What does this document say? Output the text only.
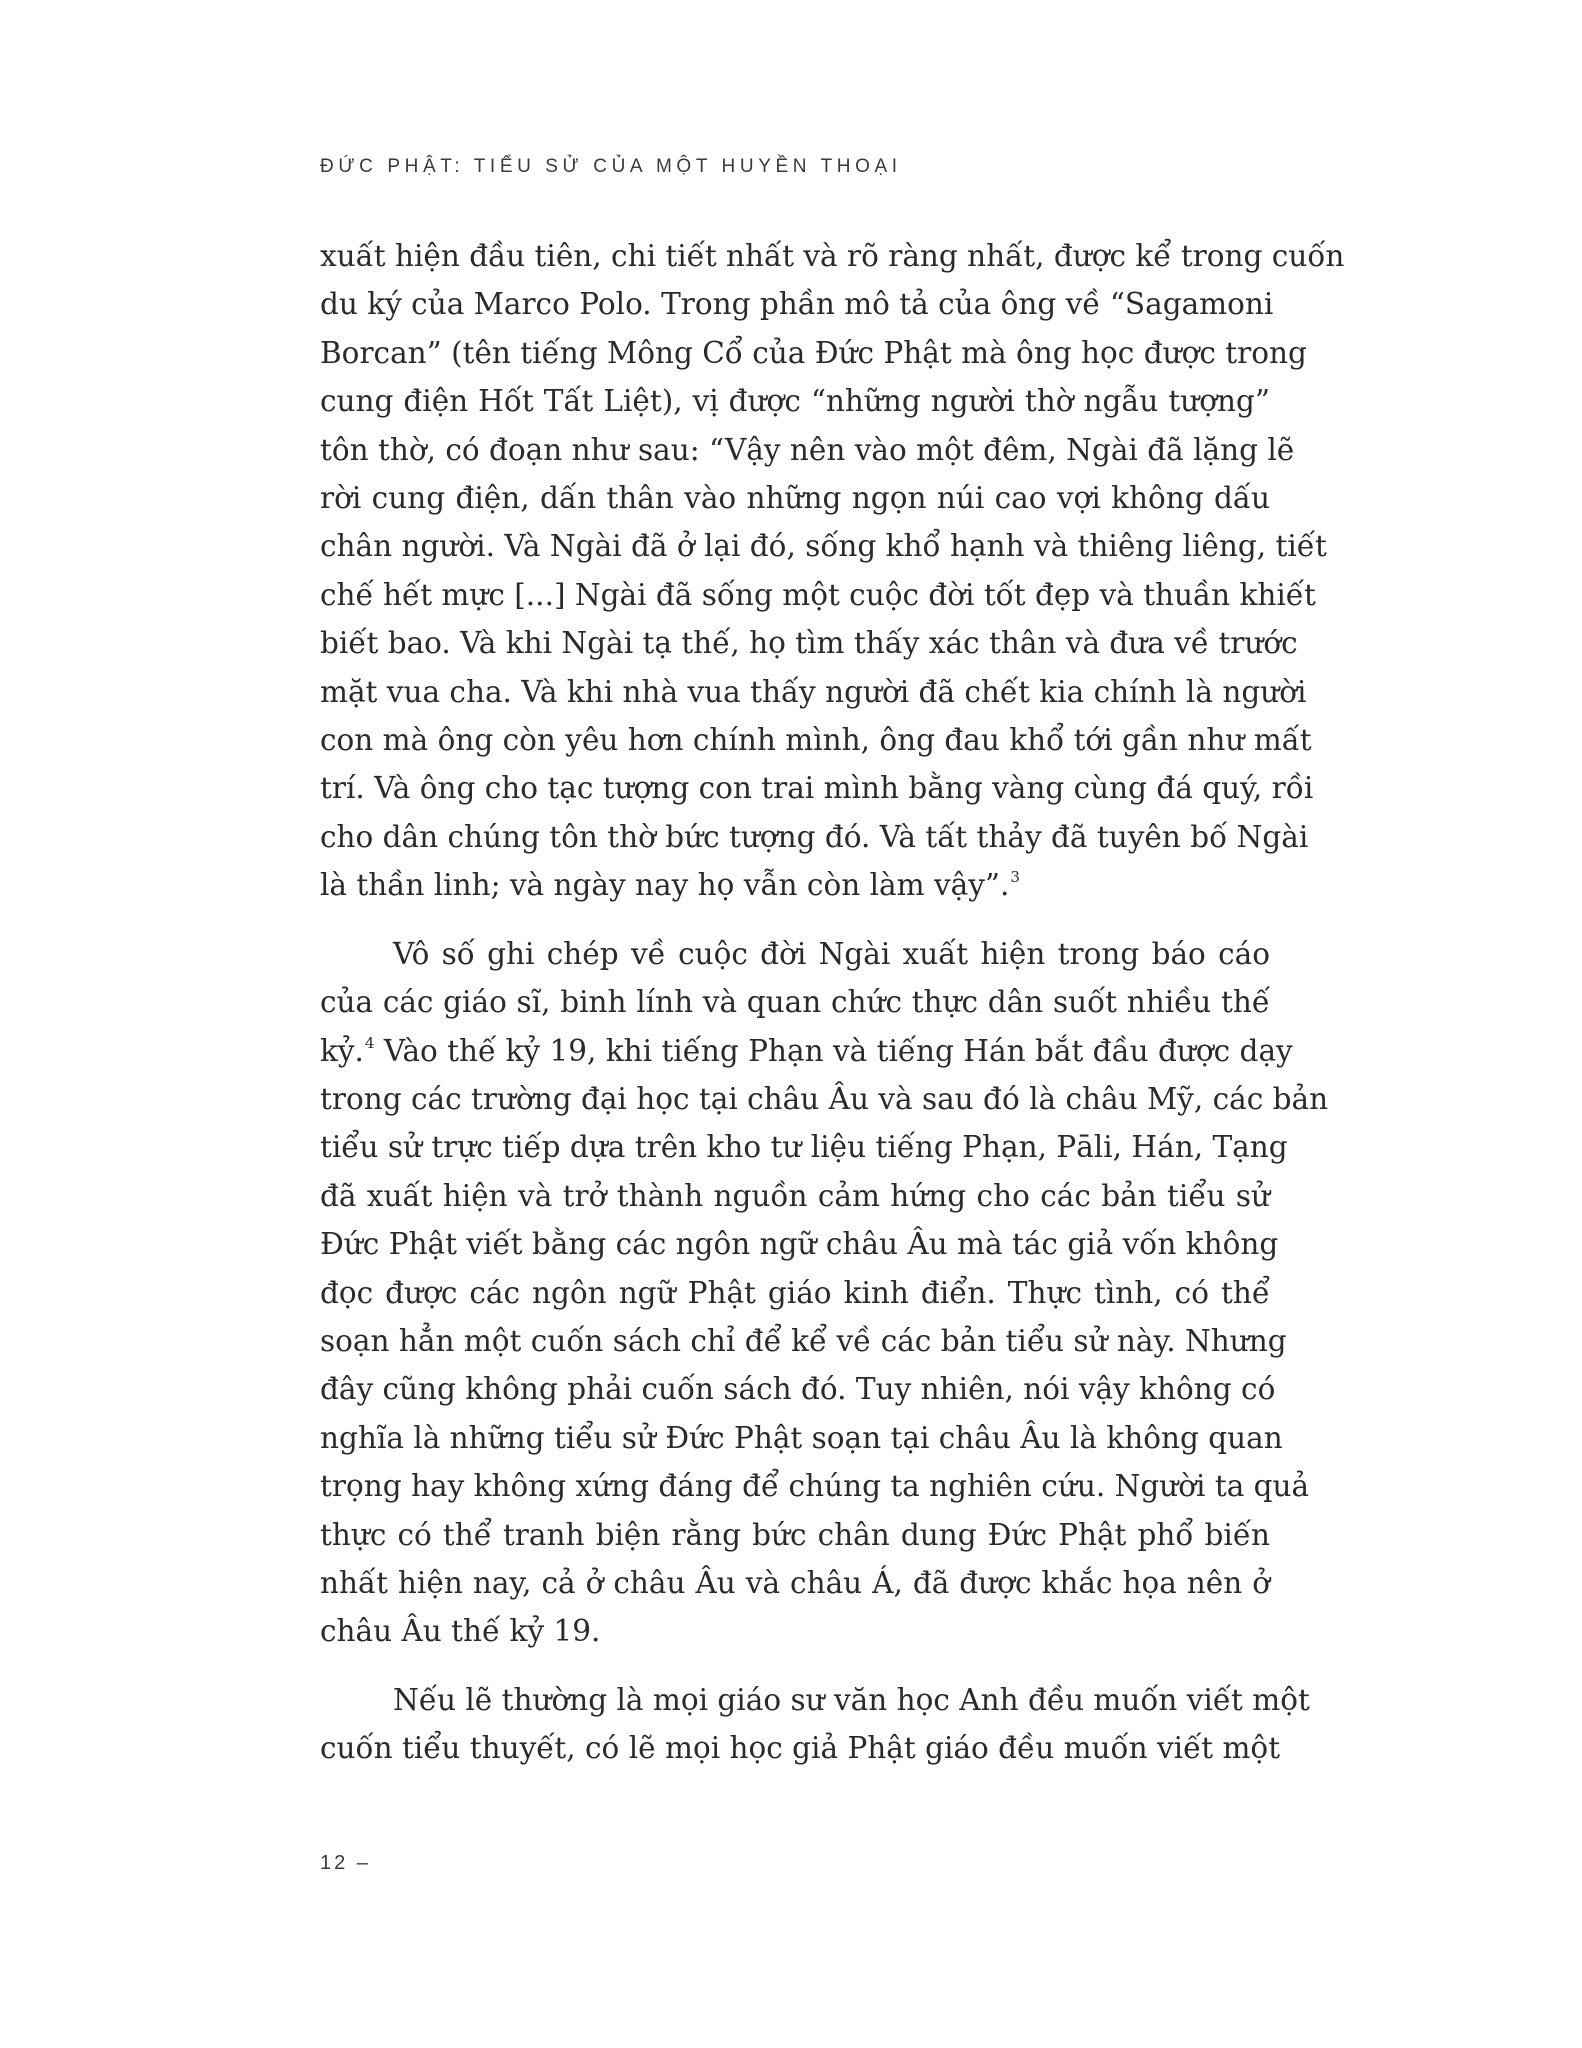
ĐỨC PHẬT: TIỂU SỬ CỦA MỘT HUYỀN THOẠI
xuất hiện đầu tiên, chi tiết nhất và rõ ràng nhất, được kể trong cuốn
du ký của Marco Polo. Trong phần mô tả của ông về “Sagamoni
Borcan” (tên tiếng Mông Cổ của Đức Phật mà ông học được trong
cung điện Hốt Tất Liệt), vị được “những người thờ ngẫu tượng”
tôn thờ, có đoạn như sau: “Vậy nên vào một đêm, Ngài đã lặng lẽ
rời cung điện, dấn thân vào những ngọn núi cao vợi không dấu
chân người. Và Ngài đã ở lại đó, sống khổ hạnh và thiêng liêng, tiết
chế hết mực [...] Ngài đã sống một cuộc đời tốt đẹp và thuần khiết
biết bao. Và khi Ngài tạ thế, họ tìm thấy xác thân và đưa về trước
mặt vua cha. Và khi nhà vua thấy người đã chết kia chính là người
con mà ông còn yêu hơn chính mình, ông đau khổ tới gần như mất
trí. Và ông cho tạc tượng con trai mình bằng vàng cùng đá quý, rồi
cho dân chúng tôn thờ bức tượng đó. Và tất thảy đã tuyên bố Ngài
là thần linh; và ngày nay họ vẫn còn làm vậy”.$^3$
Vô số ghi chép về cuộc đời Ngài xuất hiện trong báo cáo
của các giáo sĩ, binh lính và quan chức thực dân suốt nhiều thế
kỷ.$^4$ Vào thế kỷ 19, khi tiếng Phạn và tiếng Hán bắt đầu được dạy
trong các trường đại học tại châu Âu và sau đó là châu Mỹ, các bản
tiểu sử trực tiếp dựa trên kho tư liệu tiếng Phạn, Pāli, Hán, Tạng
đã xuất hiện và trở thành nguồn cảm hứng cho các bản tiểu sử
Đức Phật viết bằng các ngôn ngữ châu Âu mà tác giả vốn không
đọc được các ngôn ngữ Phật giáo kinh điển. Thực tình, có thể
soạn hẳn một cuốn sách chỉ để kể về các bản tiểu sử này. Nhưng
đây cũng không phải cuốn sách đó. Tuy nhiên, nói vậy không có
nghĩa là những tiểu sử Đức Phật soạn tại châu Âu là không quan
trọng hay không xứng đáng để chúng ta nghiên cứu. Người ta quả
thực có thể tranh biện rằng bức chân dung Đức Phật phổ biến
nhất hiện nay, cả ở châu Âu và châu Á, đã được khắc họa nên ở
châu Âu thế kỷ 19.
Nếu lẽ thường là mọi giáo sư văn học Anh đều muốn viết một
cuốn tiểu thuyết, có lẽ mọi học giả Phật giáo đều muốn viết một
12 –
